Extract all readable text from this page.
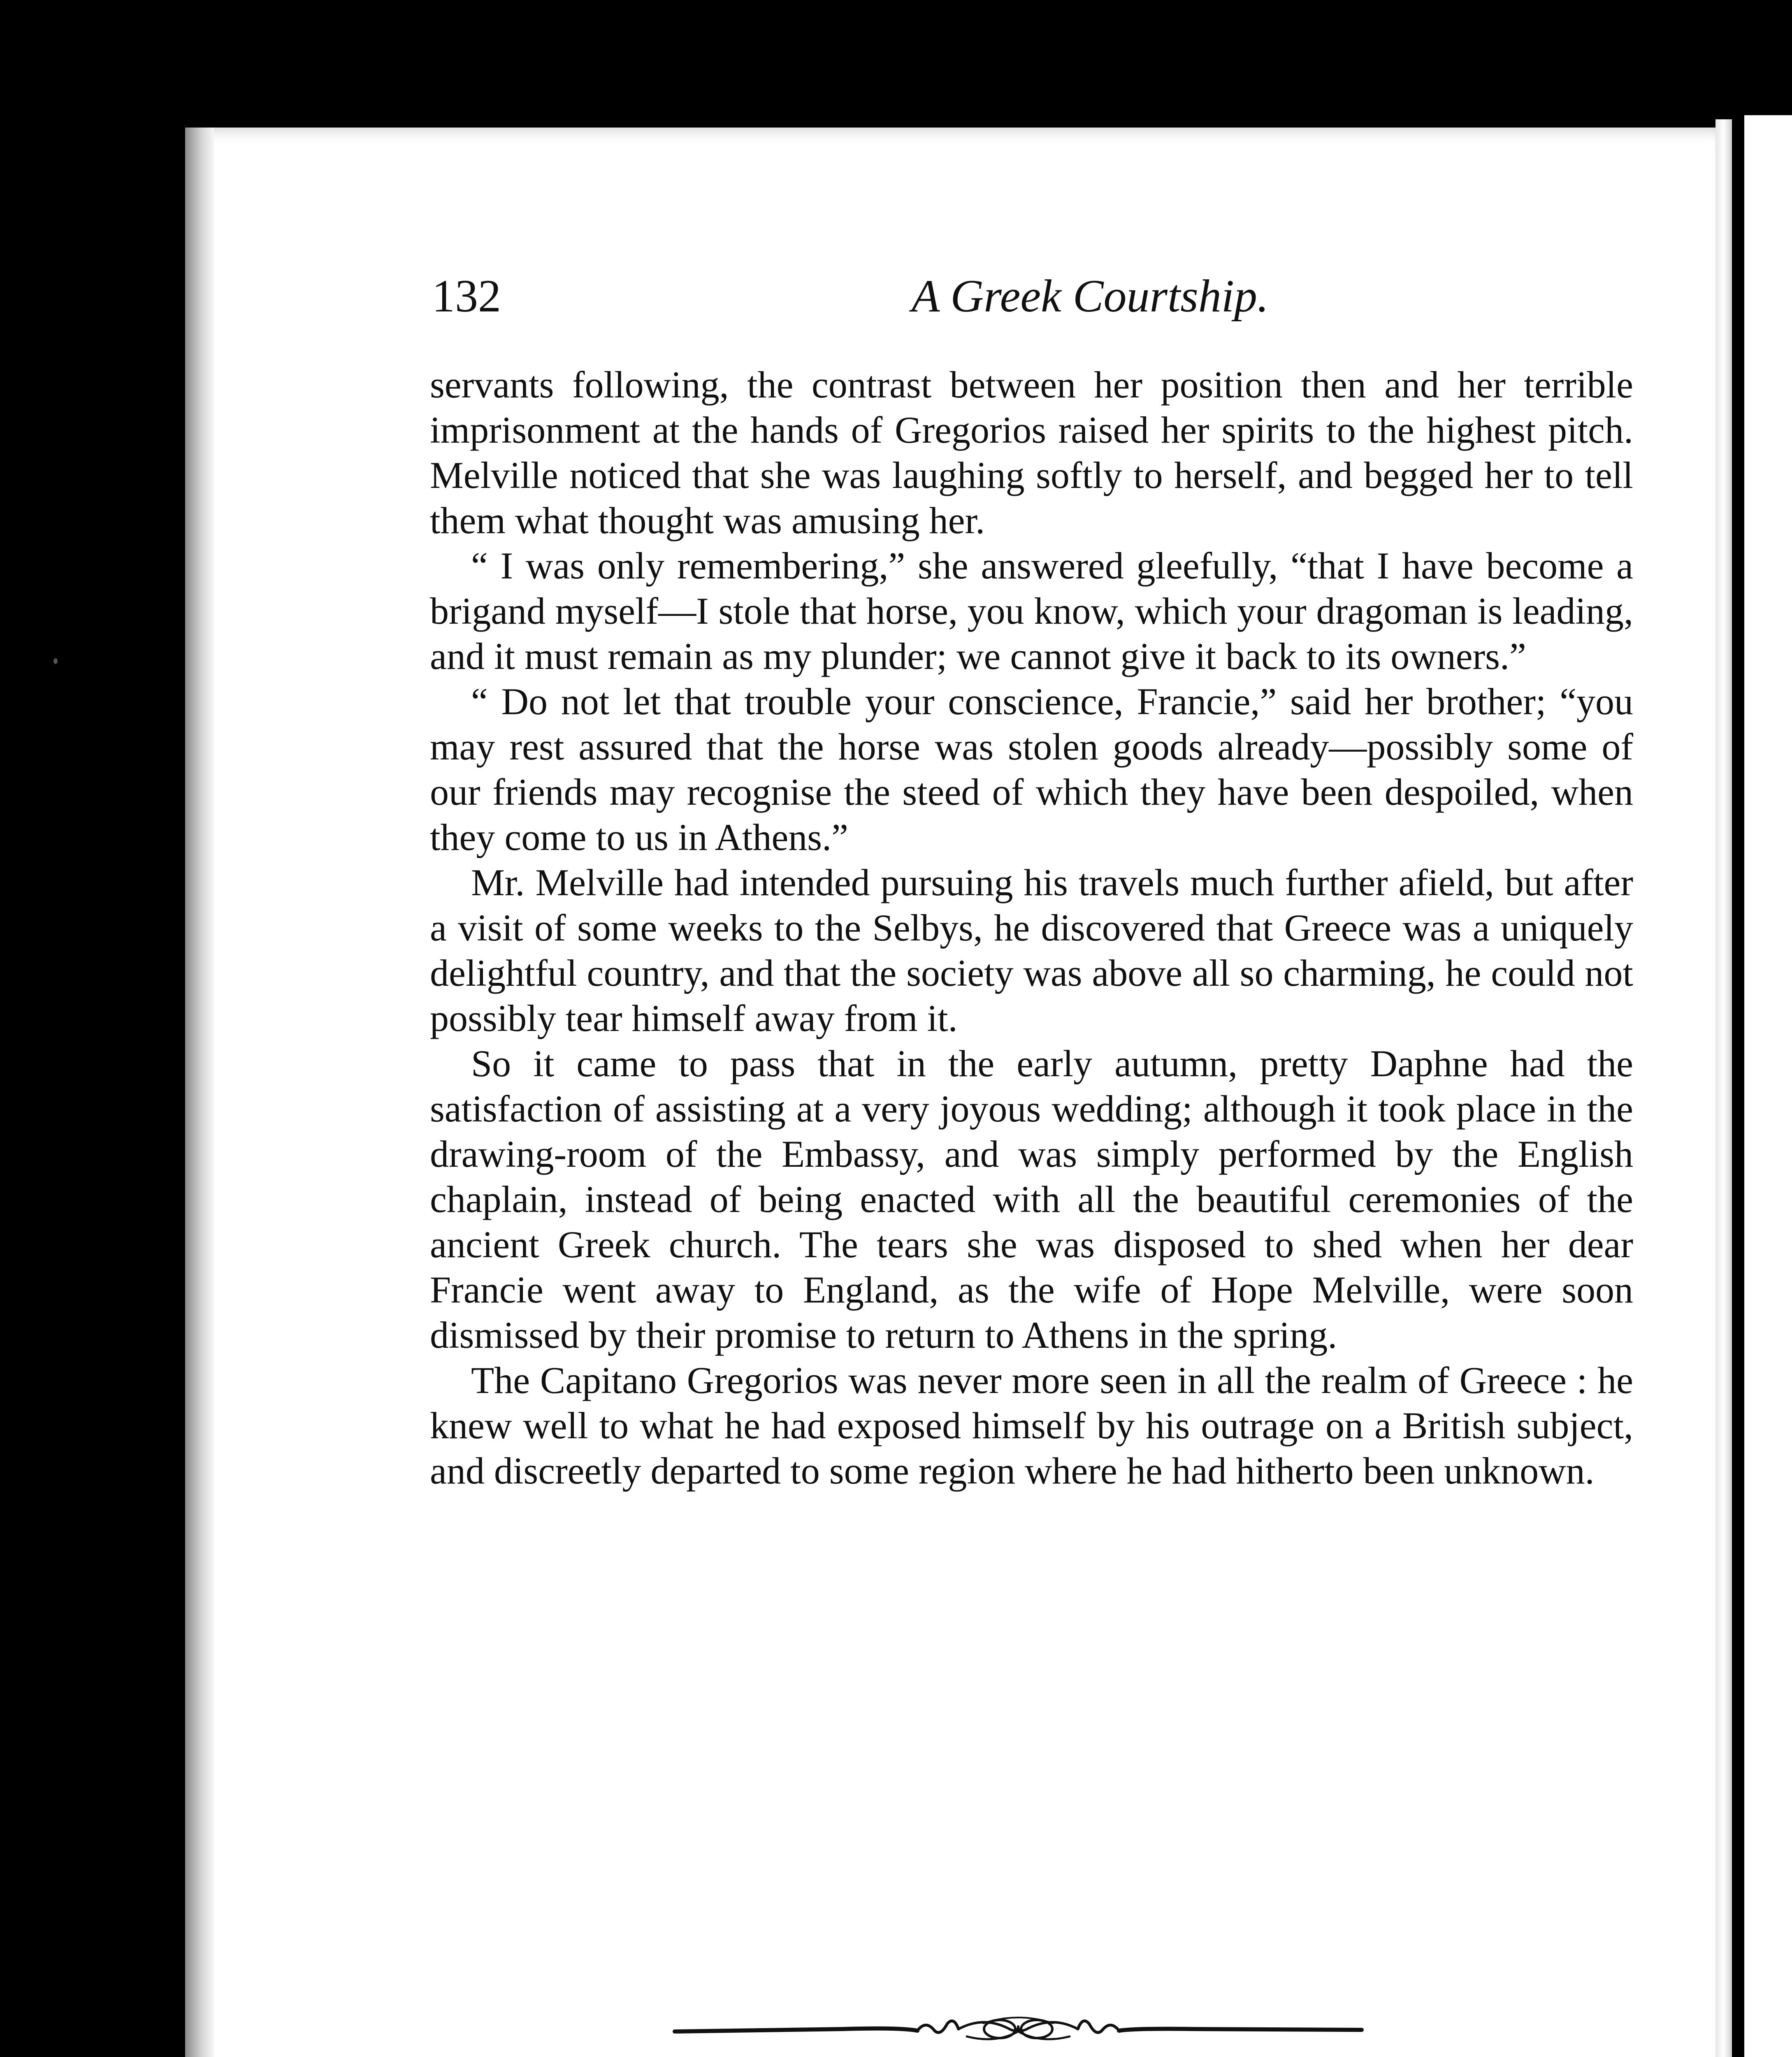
132	A Greek Courtship.

servants following, the contrast between her position then and her terrible imprisonment at the hands of Gregorios raised her spirits to the highest pitch. Melville noticed that she was laughing softly to herself, and begged her to tell them what thought was amusing her.

“ I was only remembering,” she answered gleefully, “that I have become a brigand myself—I stole that horse, you know, which your dragoman is leading, and it must remain as my plunder; we cannot give it back to its owners.”

“ Do not let that trouble your conscience, Francie,” said her brother; “you may rest assured that the horse was stolen goods already—possibly some of our friends may recognise the steed of which they have been despoiled, when they come to us in Athens.”

Mr. Melville had intended pursuing his travels much further afield, but after a visit of some weeks to the Selbys, he discovered that Greece was a uniquely delightful country, and that the society was above all so charming, he could not possibly tear himself away from it.

So it came to pass that in the early autumn, pretty Daphne had the satisfaction of assisting at a very joyous wedding; although it took place in the drawing-room of the Embassy, and was simply performed by the English chaplain, instead of being enacted with all the beautiful ceremonies of the ancient Greek church. The tears she was disposed to shed when her dear Francie went away to England, as the wife of Hope Melville, were soon dismissed by their promise to return to Athens in the spring.

The Capitano Gregorios was never more seen in all the realm of Greece : he knew well to what he had exposed himself by his outrage on a British subject, and discreetly departed to some region where he had hitherto been unknown.
